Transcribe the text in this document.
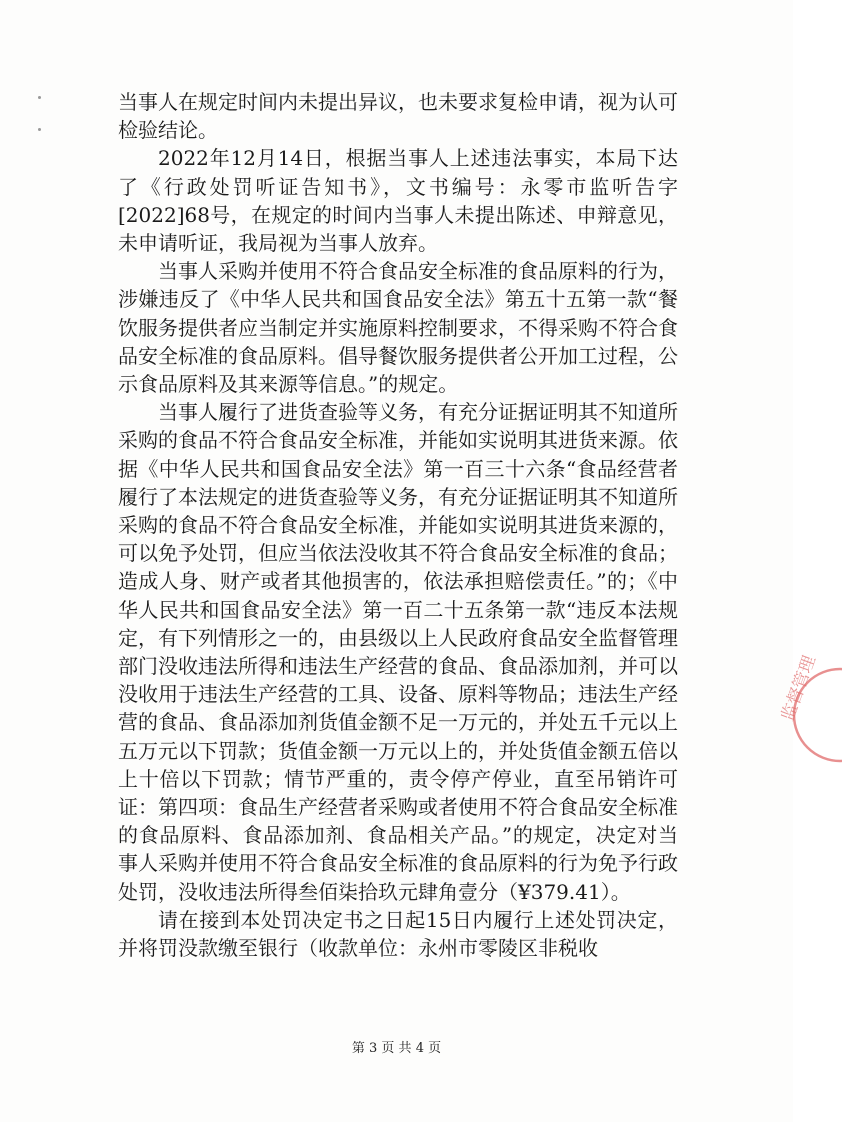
当事人在规定时间内未提出异议，也未要求复检申请，视为认可检验结论。

2022年12月14日，根据当事人上述违法事实，本局下达了《行政处罚听证告知书》，文书编号：永零市监听告字[2022]68号，在规定的时间内当事人未提出陈述、申辩意见，未申请听证，我局视为当事人放弃。

当事人采购并使用不符合食品安全标准的食品原料的行为，涉嫌违反了《中华人民共和国食品安全法》第五十五第一款“餐饮服务提供者应当制定并实施原料控制要求，不得采购不符合食品安全标准的食品原料。倡导餐饮服务提供者公开加工过程，公示食品原料及其来源等信息。”的规定。

当事人履行了进货查验等义务，有充分证据证明其不知道所采购的食品不符合食品安全标准，并能如实说明其进货来源。依据《中华人民共和国食品安全法》第一百三十六条“食品经营者履行了本法规定的进货查验等义务，有充分证据证明其不知道所采购的食品不符合食品安全标准，并能如实说明其进货来源的，可以免予处罚，但应当依法没收其不符合食品安全标准的食品；造成人身、财产或者其他损害的，依法承担赔偿责任。”的；《中华人民共和国食品安全法》第一百二十五条第一款“违反本法规定，有下列情形之一的，由县级以上人民政府食品安全监督管理部门没收违法所得和违法生产经营的食品、食品添加剂，并可以没收用于违法生产经营的工具、设备、原料等物品；违法生产经营的食品、食品添加剂货值金额不足一万元的，并处五千元以上五万元以下罚款；货值金额一万元以上的，并处货值金额五倍以上十倍以下罚款；情节严重的，责令停产停业，直至吊销许可证：第四项：食品生产经营者采购或者使用不符合食品安全标准的食品原料、食品添加剂、食品相关产品。”的规定，决定对当事人采购并使用不符合食品安全标准的食品原料的行为免予行政处罚，没收违法所得叁佰柒拾玖元肆角壹分（¥379.41）。

请在接到本处罚决定书之日起15日内履行上述处罚决定，并将罚没款缴至银行（收款单位：永州市零陵区非税收

监督管理
第 3 页 共 4 页
